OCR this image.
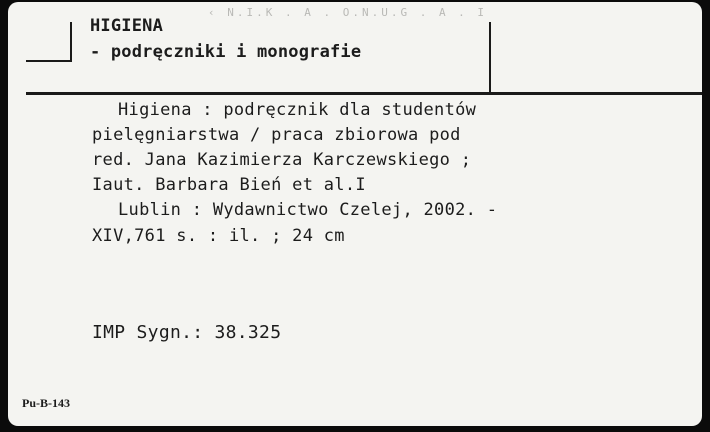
‹ N.I.K . A . O.N.U.G . A . I
HIGIENA
- podręczniki i monografie
Higiena : podręcznik dla studentów
pielęgniarstwa / praca zbiorowa pod
red. Jana Kazimierza Karczewskiego ;
Iaut. Barbara Bień et al.I
Lublin : Wydawnictwo Czelej, 2002. -
XIV,761 s. : il. ; 24 cm
IMP Sygn.: 38.325
Pu-B-143
